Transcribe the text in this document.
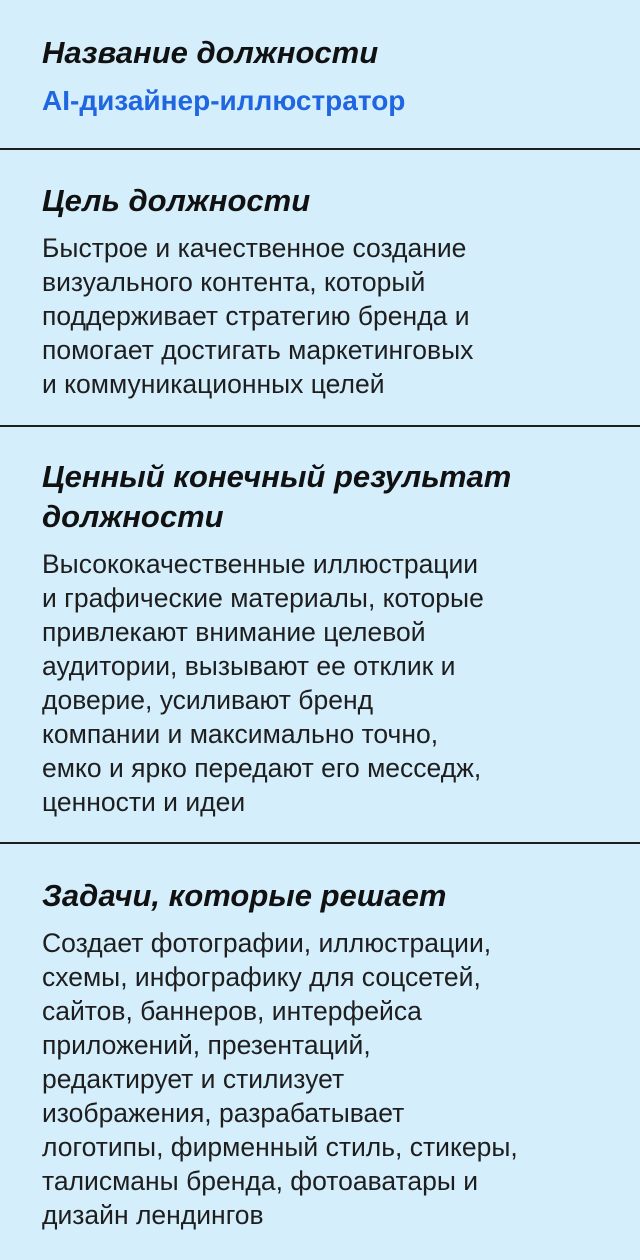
Название должности
AI-дизайнер-иллюстратор
Цель должности

Быстрое и качественное создание
визуального контента, который
поддерживает стратегию бренда и
помогает достигать маркетинговых
и коммуникационных целей

Ценный конечный результат
должности

Высококачественные иллюстрации
и графические материалы, которые
привлекают внимание целевой
аудитории, вызывают ее отклик и
доверие, усиливают бренд
компании и максимально точно,
емко и ярко передают его месседж,
ценности и идеи

Задачи, которые решает

Создает фотографии, иллюстрации,
схемы, инфографику для соцсетей,
сайтов, баннеров, интерфейса
приложений, презентаций,
редактирует и стилизует
изображения, разрабатывает
логотипы, фирменный стиль, стикеры,
талисманы бренда, фотоаватары и
дизайн лендингов
